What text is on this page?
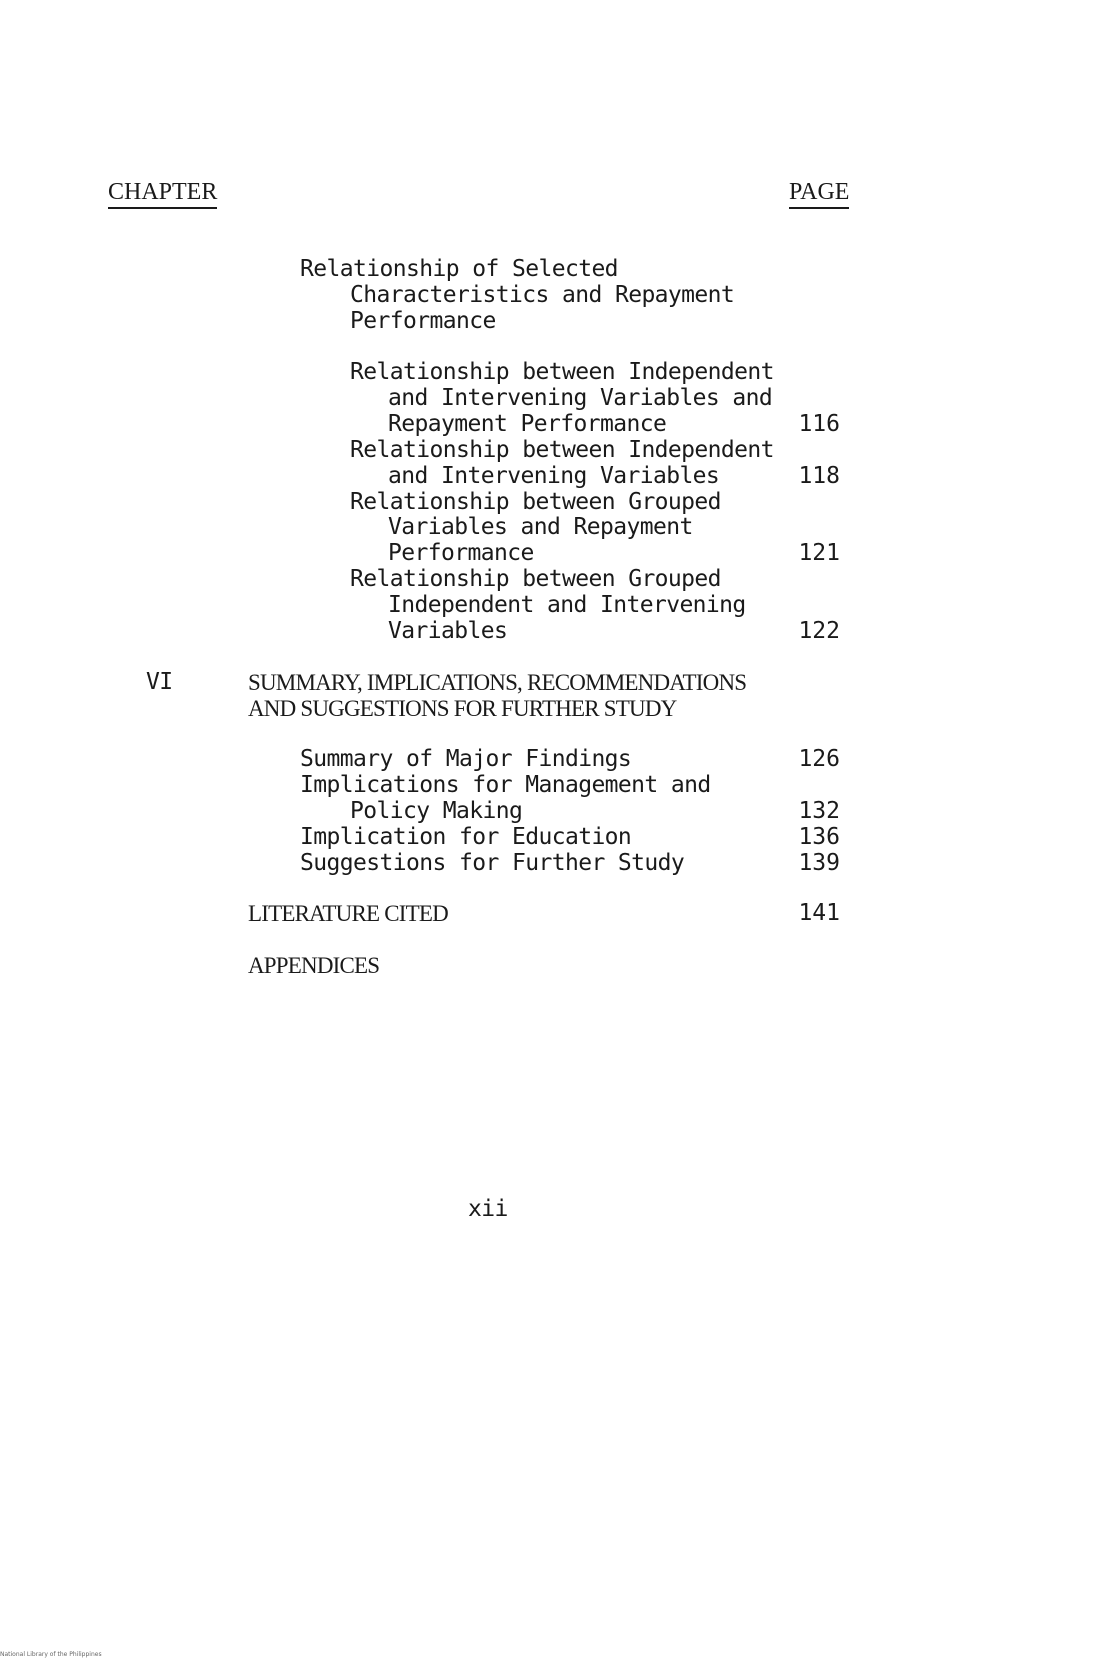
CHAPTER	PAGE
Relationship of Selected
Characteristics and Repayment
Performance
Relationship between Independent
and Intervening Variables and
Repayment Performance	116
Relationship between Independent
and Intervening Variables	118
Relationship between Grouped
Variables and Repayment
Performance	121
Relationship between Grouped
Independent and Intervening
Variables	122
VI	SUMMARY, IMPLICATIONS, RECOMMENDATIONS
AND SUGGESTIONS FOR FURTHER STUDY
Summary of Major Findings	126
Implications for Management and
Policy Making	132
Implication for Education	136
Suggestions for Further Study	139
LITERATURE CITED	141
APPENDICES
xii
National Library of the Philippines
